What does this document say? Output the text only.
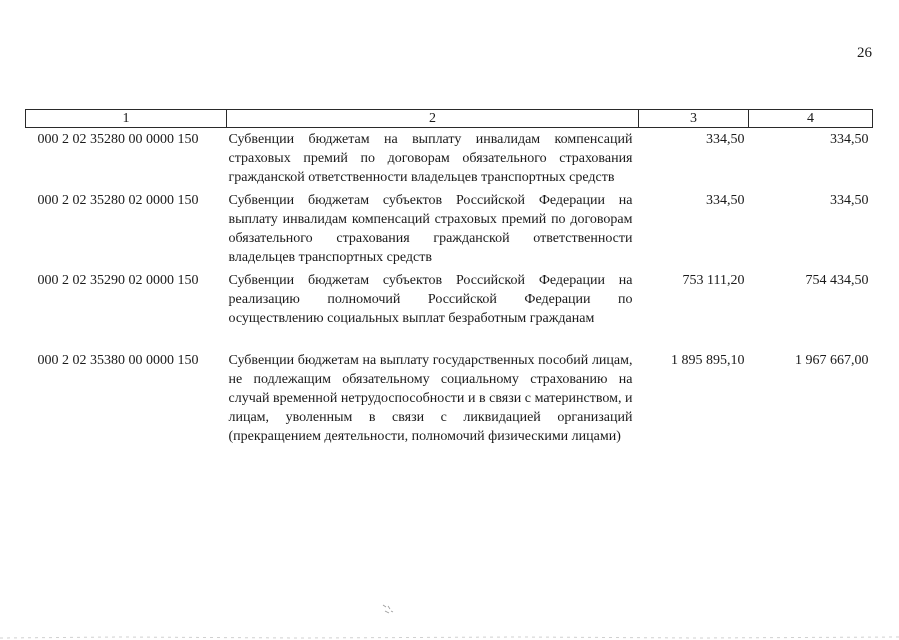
26
1	2	3	4
000 2 02 35280 00 0000 150	Субвенции бюджетам на выплату инвалидам компенсаций страховых премий по договорам обязательного страхования гражданской ответственности владельцев транспортных средств	334,50	334,50
000 2 02 35280 02 0000 150	Субвенции бюджетам субъектов Российской Федерации на выплату инвалидам компенсаций страховых премий по договорам обязательного страхования гражданской ответственности владельцев транспортных средств	334,50	334,50
000 2 02 35290 02 0000 150	Субвенции бюджетам субъектов Российской Федерации на реализацию полномочий Российской Федерации по осуществлению социальных выплат безработным гражданам	753 111,20	754 434,50
000 2 02 35380 00 0000 150	Субвенции бюджетам на выплату государственных пособий лицам, не подлежащим обязательному социальному страхованию на случай временной нетрудоспособности и в связи с материнством, и лицам, уволенным в связи с ликвидацией организаций (прекращением деятельности, полномочий физическими лицами)	1 895 895,10	1 967 667,00
